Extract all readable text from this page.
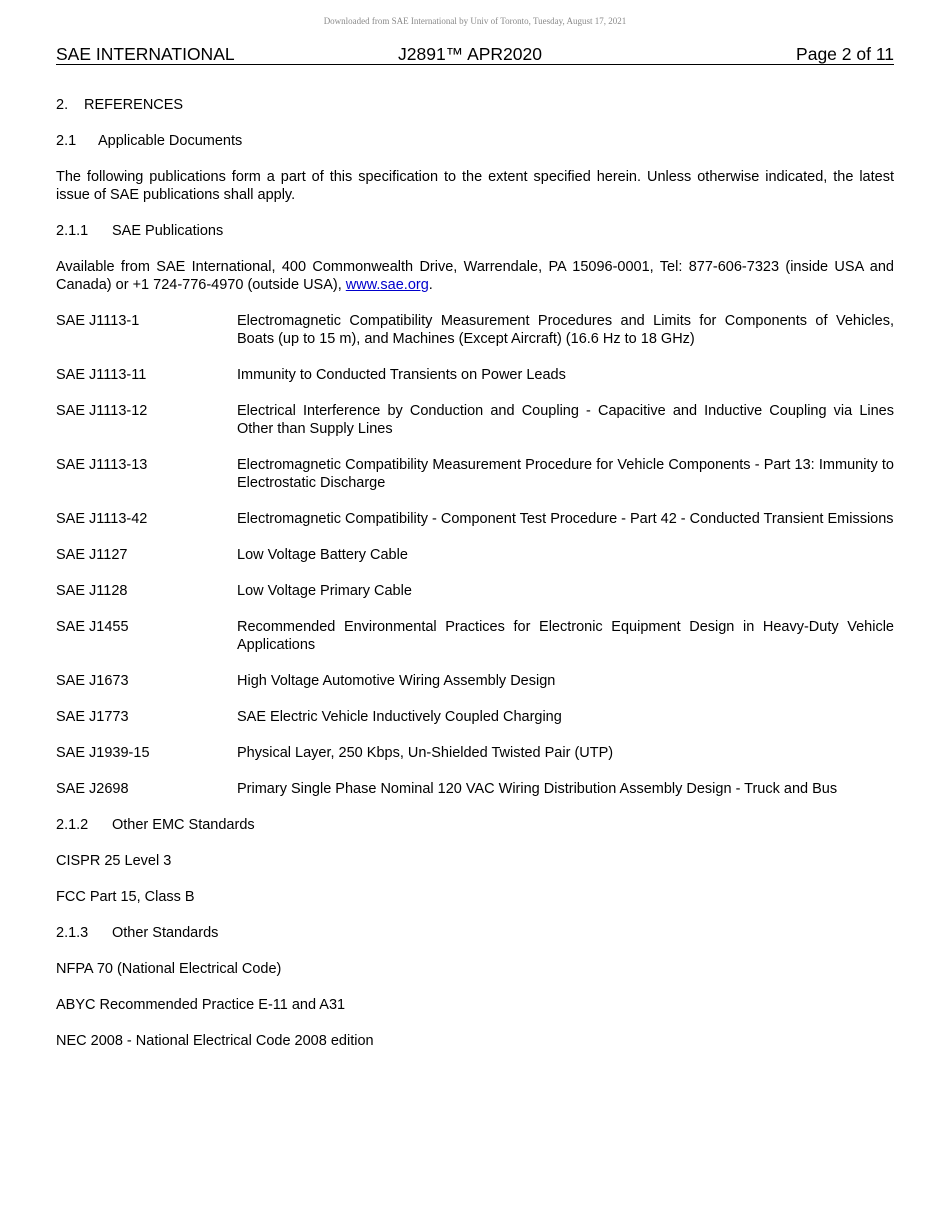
Downloaded from SAE International by Univ of Toronto, Tuesday, August 17, 2021
SAE INTERNATIONAL	J2891™ APR2020	Page 2 of 11
2. REFERENCES
2.1 Applicable Documents

The following publications form a part of this specification to the extent specified herein. Unless otherwise indicated, the latest issue of SAE publications shall apply.

2.1.1 SAE Publications

Available from SAE International, 400 Commonwealth Drive, Warrendale, PA 15096-0001, Tel: 877-606-7323 (inside USA and Canada) or +1 724-776-4970 (outside USA), www.sae.org.

SAE J1113-1	Electromagnetic Compatibility Measurement Procedures and Limits for Components of Vehicles, Boats (up to 15 m), and Machines (Except Aircraft) (16.6 Hz to 18 GHz)
SAE J1113-11	Immunity to Conducted Transients on Power Leads
SAE J1113-12	Electrical Interference by Conduction and Coupling - Capacitive and Inductive Coupling via Lines Other than Supply Lines
SAE J1113-13	Electromagnetic Compatibility Measurement Procedure for Vehicle Components - Part 13: Immunity to Electrostatic Discharge
SAE J1113-42	Electromagnetic Compatibility - Component Test Procedure - Part 42 - Conducted Transient Emissions
SAE J1127	Low Voltage Battery Cable
SAE J1128	Low Voltage Primary Cable
SAE J1455	Recommended Environmental Practices for Electronic Equipment Design in Heavy-Duty Vehicle Applications
SAE J1673	High Voltage Automotive Wiring Assembly Design
SAE J1773	SAE Electric Vehicle Inductively Coupled Charging
SAE J1939-15	Physical Layer, 250 Kbps, Un-Shielded Twisted Pair (UTP)
SAE J2698	Primary Single Phase Nominal 120 VAC Wiring Distribution Assembly Design - Truck and Bus
2.1.2 Other EMC Standards
CISPR 25 Level 3
FCC Part 15, Class B
2.1.3 Other Standards
NFPA 70 (National Electrical Code)
ABYC Recommended Practice E-11 and A31
NEC 2008 - National Electrical Code 2008 edition
